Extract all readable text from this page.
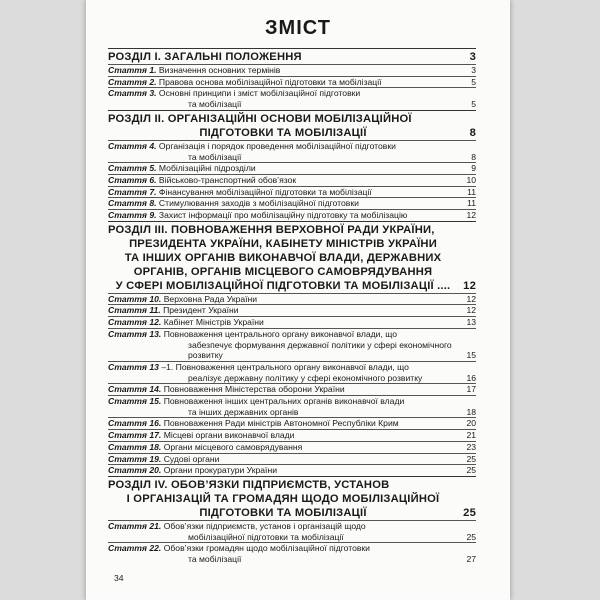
ЗМІСТ
РОЗДІЛ І. ЗАГАЛЬНІ ПОЛОЖЕННЯ	3
Стаття 1. Визначення основних термінів	3
Стаття 2. Правова основа мобілізаційної підготовки та мобілізації	5
Стаття 3. Основні принципи і зміст мобілізаційної підготовки
та мобілізації	5
РОЗДІЛ ІІ. ОРГАНІЗАЦІЙНІ ОСНОВИ МОБІЛІЗАЦІЙНОЇ
ПІДГОТОВКИ ТА МОБІЛІЗАЦІЇ	8
Стаття 4. Організація і порядок проведення мобілізаційної підготовки
та мобілізації	8
Стаття 5. Мобілізаційні підрозділи	9
Стаття 6. Військово-транспортний обов’язок	10
Стаття 7. Фінансування мобілізаційної підготовки та мобілізації	11
Стаття 8. Стимулювання заходів з мобілізаційної підготовки	11
Стаття 9. Захист інформації про мобілізаційну підготовку та мобілізацію	12
РОЗДІЛ ІІІ. ПОВНОВАЖЕННЯ ВЕРХОВНОЇ РАДИ УКРАЇНИ,
ПРЕЗИДЕНТА УКРАЇНИ, КАБІНЕТУ МІНІСТРІВ УКРАЇНИ
ТА ІНШИХ ОРГАНІВ ВИКОНАВЧОЇ ВЛАДИ, ДЕРЖАВНИХ
ОРГАНІВ, ОРГАНІВ МІСЦЕВОГО САМОВРЯДУВАННЯ
У СФЕРІ МОБІЛІЗАЦІЙНОЇ ПІДГОТОВКИ ТА МОБІЛІЗАЦІЇ ....	12
Стаття 10. Верховна Рада України	12
Стаття 11. Президент України	12
Стаття 12. Кабінет Міністрів України	13
Стаття 13. Повноваження центрального органу виконавчої влади, що
забезпечує формування державної політики у сфері економічного
розвитку	15
Стаття 13 –1. Повноваження центрального органу виконавчої влади, що
реалізує державну політику у сфері економічного розвитку	16
Стаття 14. Повноваження Міністерства оборони України	17
Стаття 15. Повноваження інших центральних органів виконавчої влади
та інших державних органів	18
Стаття 16. Повноваження Ради міністрів Автономної Республіки Крим	20
Стаття 17. Місцеві органи виконавчої влади	21
Стаття 18. Органи місцевого самоврядування	23
Стаття 19. Судові органи	25
Стаття 20. Органи прокуратури України	25
РОЗДІЛ IV. ОБОВ’ЯЗКИ ПІДПРИЄМСТВ, УСТАНОВ
І ОРГАНІЗАЦІЙ ТА ГРОМАДЯН ЩОДО МОБІЛІЗАЦІЙНОЇ
ПІДГОТОВКИ ТА МОБІЛІЗАЦІЇ	25
Стаття 21. Обов’язки підприємств, установ і організацій щодо
мобілізаційної підготовки та мобілізації	25
Стаття 22. Обов’язки громадян щодо мобілізаційної підготовки
та мобілізації	27
34
